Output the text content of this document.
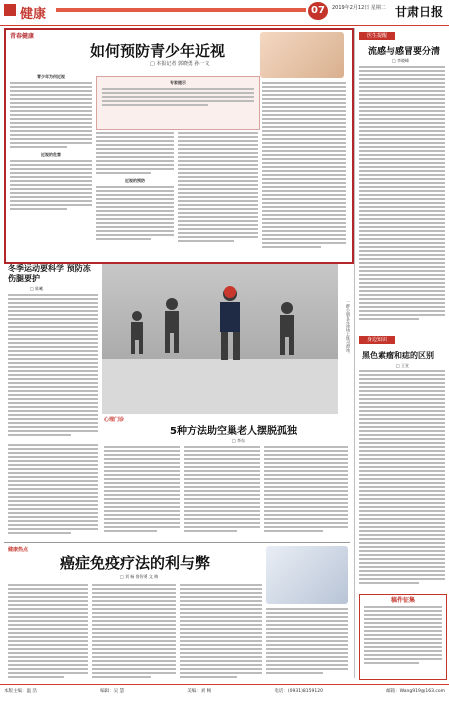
健康	07	2019年2月12日 星期二 甘肃日报
青春健康
如何预防青少年近视
□ 本报记者 郭晓勇 孙一文
青少年为何近视
近视的危害
专家提示
近视的预防
医生提醒
流感与感冒要分清
□ 李晓峰
身边知识
黑色素瘤和痣的区别
□ 王宣
稿件征集
冬季运动要科学 预防冻伤腿要护
□ 陈曦
一群小朋友在冰场上练习滑冰。
心理门诊
5种方法助空巢老人摆脱孤独
□ 李东
健康热点
癌症免疫疗法的利与弊
□ 刘 畅 鲁智勇 文 梅
本版主编：温 浩	编辑：吴 慧	美编：刘 畅	电话：(0931)8159120	邮箱：Wang919@163.com
